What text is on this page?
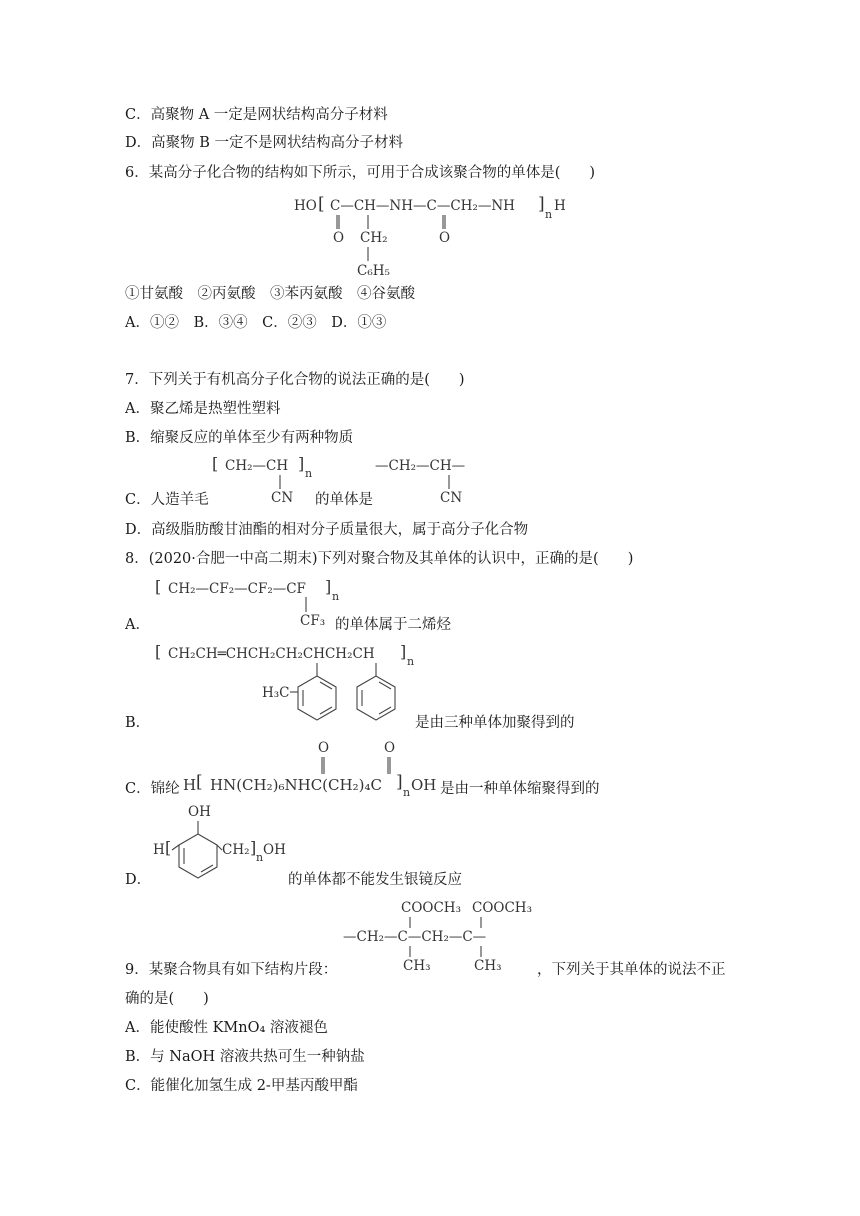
C．高聚物 A 一定是网状结构高分子材料
D．高聚物 B 一定不是网状结构高分子材料
6．某高分子化合物的结构如下所示，可用于合成该聚合物的单体是(　　)
HO [ C—CH—NH—C—CH₂—NH ]
n
H
O	O
CH₂
C₆H₅
①甘氨酸　②丙氨酸　③苯丙氨酸　④谷氨酸
A．①②　B．③④　C．②③　D．①③
7．下列关于有机高分子化合物的说法正确的是(　　)
A．聚乙烯是热塑性塑料
B．缩聚反应的单体至少有两种物质
[ CH₂—CH ]
n
CN
—CH₂—CH—
CN
C．人造羊毛	的单体是
D．高级脂肪酸甘油酯的相对分子质量很大，属于高分子化合物
8．(2020·合肥一中高二期末)下列对聚合物及其单体的认识中，正确的是(　　)
[ CH₂—CF₂—CF₂—CF ]
n
CF₃
A．	的单体属于二烯烃
[ CH₂CH═CHCH₂CH₂CHCH₂CH ]
n
H₃C
B．	是由三种单体加聚得到的
O	O
H [ HN(CH₂)₆NHC(CH₂)₄C ]
n OH
C．锦纶	是由一种单体缩聚得到的
OH
H [	CH₂ ]
n OH
D．	的单体都不能发生银镜反应
COOCH₃ COOCH₃
—CH₂—C—CH₂—C—
CH₃	CH₃
9．某聚合物具有如下结构片段：	，下列关于其单体的说法不正
确的是(　　)
A．能使酸性 KMnO₄ 溶液褪色
B．与 NaOH 溶液共热可生一种钠盐
C．能催化加氢生成 2-甲基丙酸甲酯
